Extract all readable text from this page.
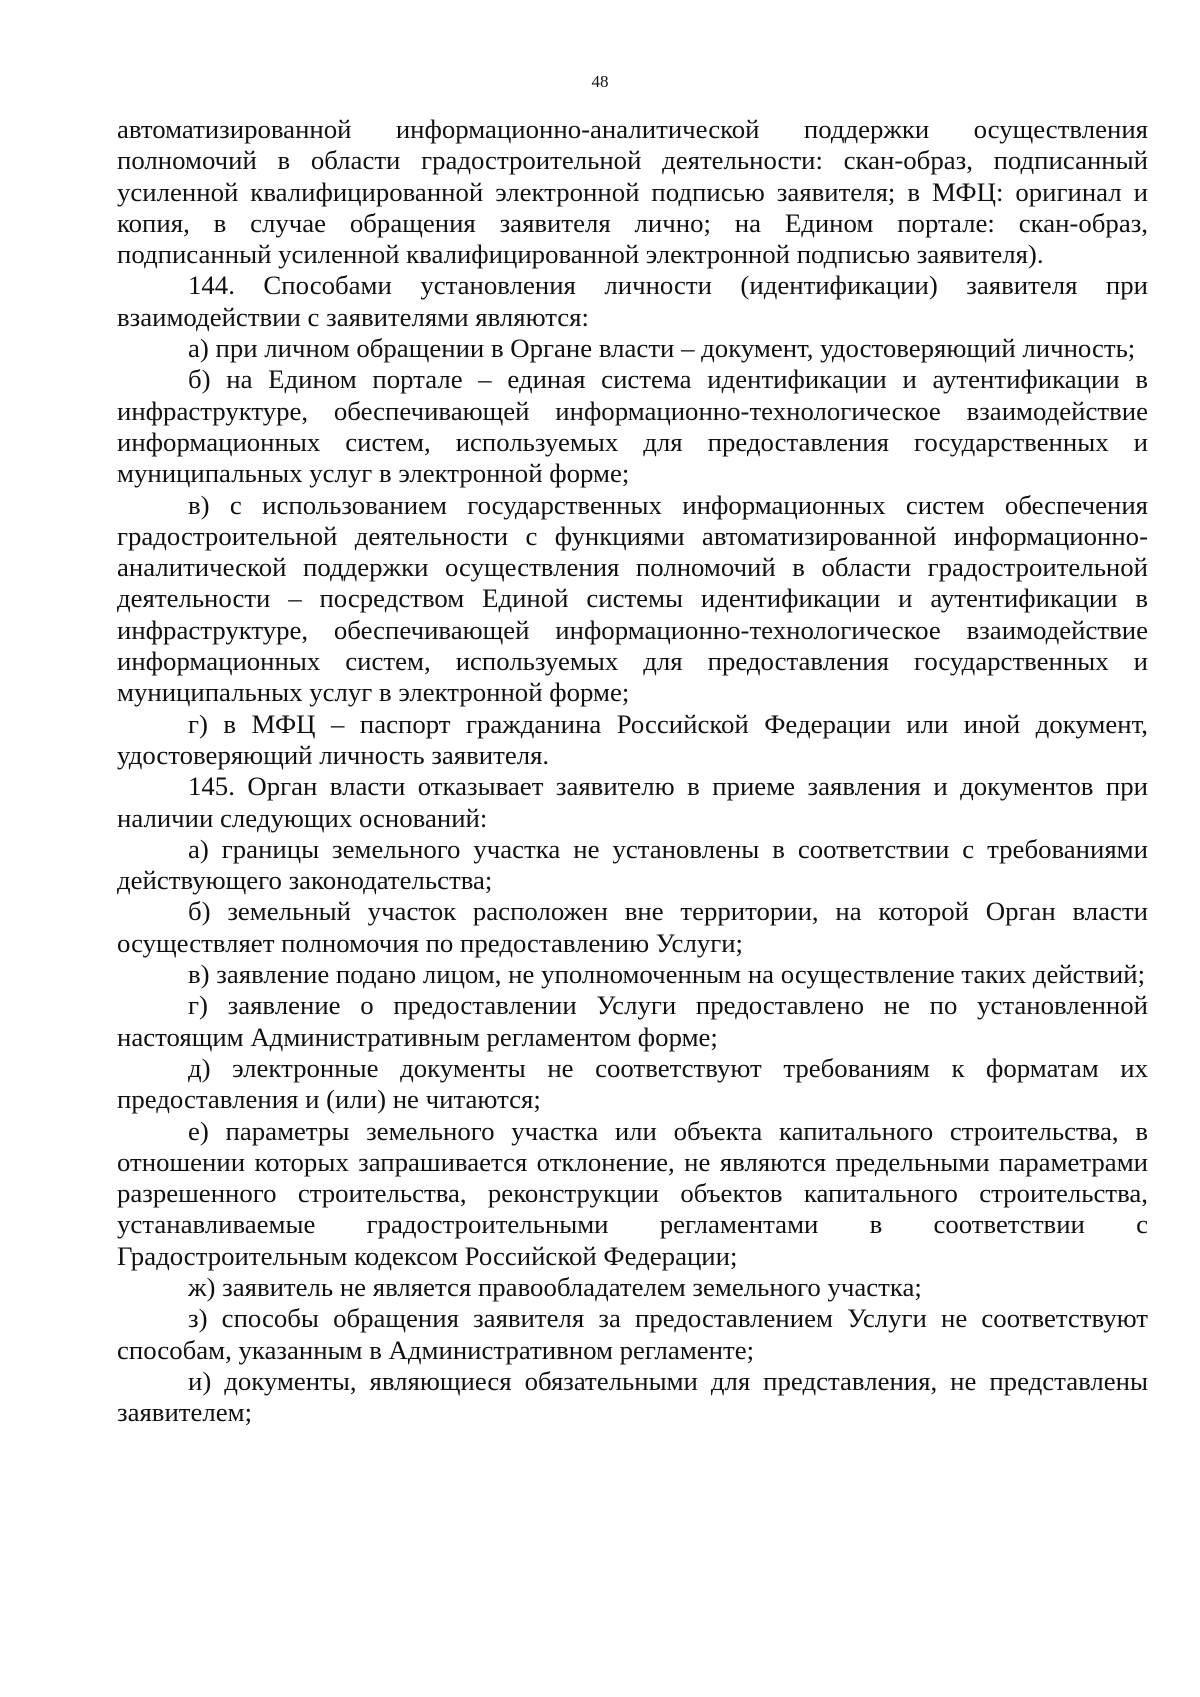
48

автоматизированной информационно-аналитической поддержки осуществления полномочий в области градостроительной деятельности: скан-образ, подписанный усиленной квалифицированной электронной подписью заявителя; в МФЦ: оригинал и копия, в случае обращения заявителя лично; на Едином портале: скан-образ, подписанный усиленной квалифицированной электронной подписью заявителя).

144. Способами установления личности (идентификации) заявителя при взаимодействии с заявителями являются:

а) при личном обращении в Органе власти – документ, удостоверяющий личность;

б) на Едином портале – единая система идентификации и аутентификации в инфраструктуре, обеспечивающей информационно-технологическое взаимодействие информационных систем, используемых для предоставления государственных и муниципальных услуг в электронной форме;

в) с использованием государственных информационных систем обеспечения градостроительной деятельности с функциями автоматизированной информационно-аналитической поддержки осуществления полномочий в области градостроительной деятельности – посредством Единой системы идентификации и аутентификации в инфраструктуре, обеспечивающей информационно-технологическое взаимодействие информационных систем, используемых для предоставления государственных и муниципальных услуг в электронной форме;

г) в МФЦ – паспорт гражданина Российской Федерации или иной документ, удостоверяющий личность заявителя.

145. Орган власти отказывает заявителю в приеме заявления и документов при наличии следующих оснований:

а) границы земельного участка не установлены в соответствии с требованиями действующего законодательства;

б) земельный участок расположен вне территории, на которой Орган власти осуществляет полномочия по предоставлению Услуги;

в) заявление подано лицом, не уполномоченным на осуществление таких действий;

г) заявление о предоставлении Услуги предоставлено не по установленной настоящим Административным регламентом форме;

д) электронные документы не соответствуют требованиям к форматам их предоставления и (или) не читаются;

е) параметры земельного участка или объекта капитального строительства, в отношении которых запрашивается отклонение, не являются предельными параметрами разрешенного строительства, реконструкции объектов капитального строительства, устанавливаемые градостроительными регламентами в соответствии с Градостроительным кодексом Российской Федерации;

ж) заявитель не является правообладателем земельного участка;

з) способы обращения заявителя за предоставлением Услуги не соответствуют способам, указанным в Административном регламенте;

и) документы, являющиеся обязательными для представления, не представлены заявителем;
